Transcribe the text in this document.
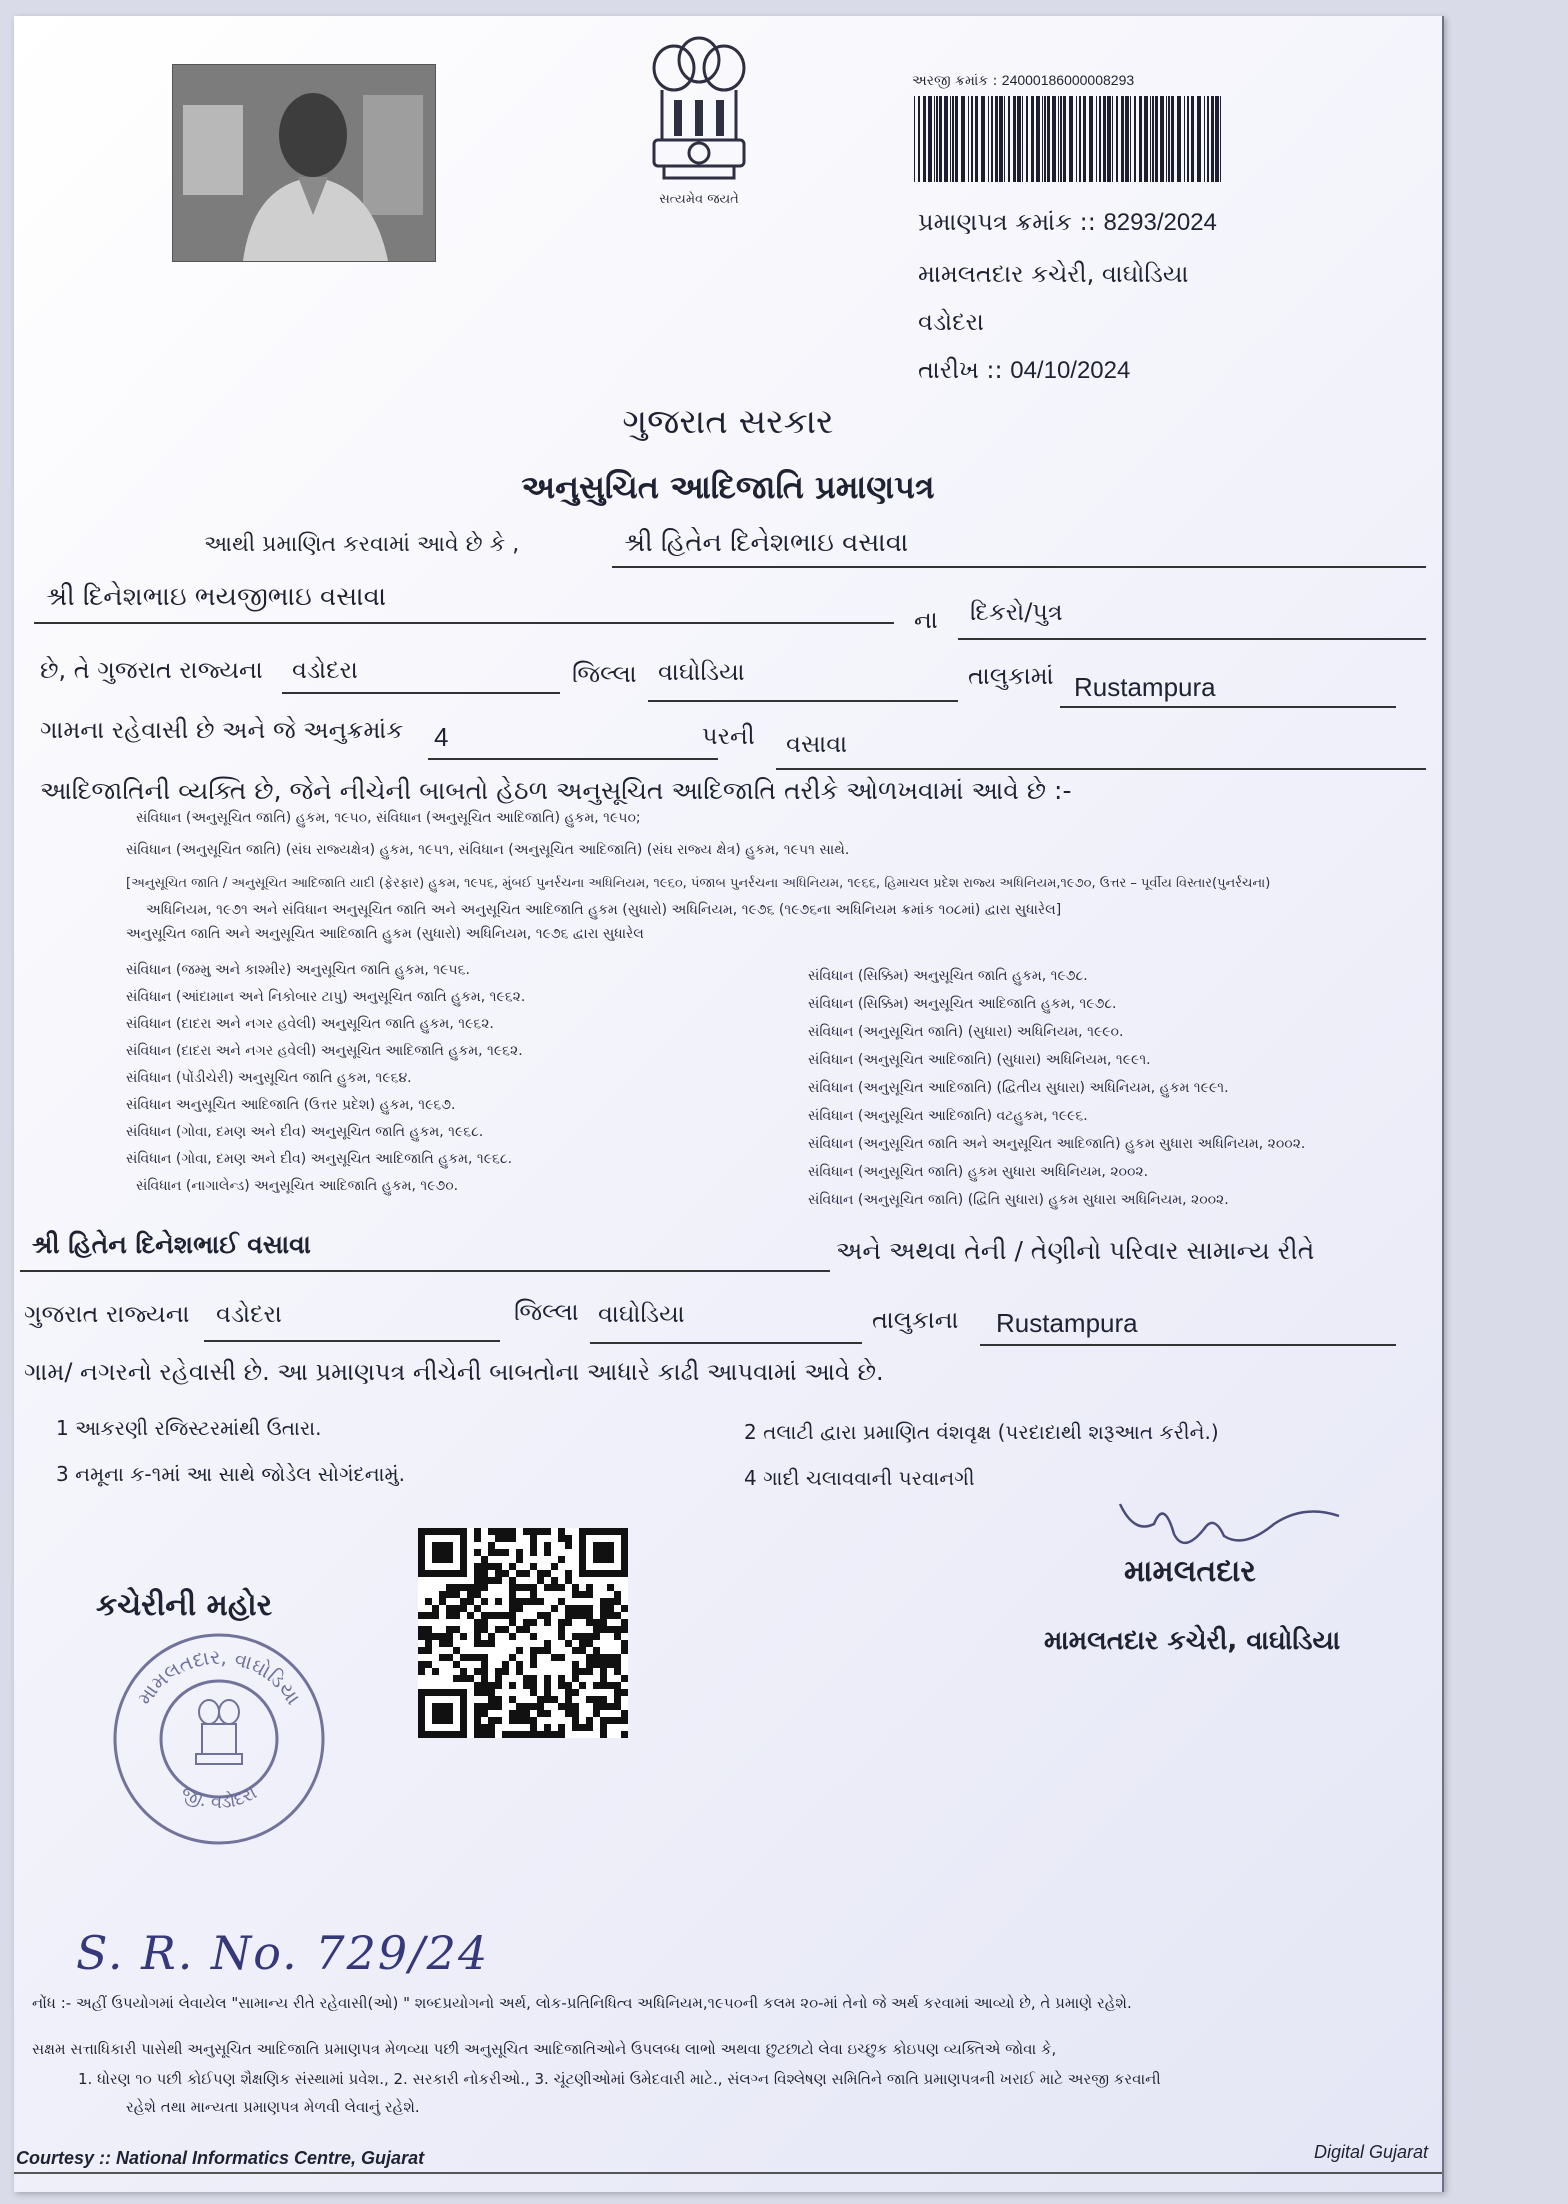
સત્યમેવ જયતે
અરજી ક્રમાંક : 24000186000008293
પ્રમાણપત્ર ક્રમાંક :: 8293/2024
મામલતદાર કચેરી, વાઘોડિયા
વડોદરા
તારીખ :: 04/10/2024
ગુજરાત સરકાર
અનુસુચિત આદિજાતિ પ્રમાણપત્ર
આથી પ્રમાણિત કરવામાં આવે છે કે ,	શ્રી હિતેન દિનેશભાઇ વસાવા
શ્રી દિનેશભાઇ ભયજીભાઇ વસાવા
ના દિકરો/પુત્ર
છે, તે ગુજરાત રાજ્યના વડોદરા	જિલ્લા વાઘોડિયા	તાલુકામાં Rustampura
ગામના રહેવાસી છે અને જે અનુક્રમાંક 4	પરની વસાવા
આદિજાતિની વ્યક્તિ છે, જેને નીચેની બાબતો હેઠળ અનુસૂચિત આદિજાતિ તરીકે ઓળખવામાં આવે છે :-
સંવિધાન (અનુસૂચિત જાતિ) હુકમ, ૧૯૫૦, સંવિધાન (અનુસૂચિત આદિજાતિ) હુકમ, ૧૯૫૦;
સંવિધાન (અનુસૂચિત જાતિ) (સંઘ રાજ્યક્ષેત્ર) હુકમ, ૧૯૫૧, સંવિધાન (અનુસૂચિત આદિજાતિ) (સંઘ રાજ્ય ક્ષેત્ર) હુકમ, ૧૯૫૧ સાથે.
[અનુસૂચિત જાતિ / અનુસૂચિત આદિજાતિ યાદી (ફેરફાર) હુકમ, ૧૯૫૬, મુંબઈ પુનર્રચના અધિનિયમ, ૧૯૬૦, પંજાબ પુનર્રચના અધિનિયમ, ૧૯૬૬, હિમાચલ પ્રદેશ રાજ્ય અધિનિયમ,૧૯૭૦, ઉત્તર – પૂર્વીય વિસ્તાર(પુનર્રચના)
અધિનિયમ, ૧૯૭૧ અને સંવિધાન અનુસૂચિત જાતિ અને અનુસૂચિત આદિજાતિ હુકમ (સુધારો) અધિનિયમ, ૧૯૭૬ (૧૯૭૬ના અધિનિયમ ક્રમાંક ૧૦૮માં) દ્વારા સુધારેલ]
અનુસૂચિત જાતિ અને અનુસૂચિત આદિજાતિ હુકમ (સુધારો) અધિનિયમ, ૧૯૭૬ દ્વારા સુધારેલ
સંવિધાન (જમ્મુ અને કાશ્મીર) અનુસૂચિત જાતિ હુકમ, ૧૯૫૬.
સંવિધાન (આંદામાન અને નિકોબાર ટાપુ) અનુસૂચિત જાતિ હુકમ, ૧૯૬૨.
સંવિધાન (દાદરા અને નગર હવેલી) અનુસૂચિત જાતિ હુકમ, ૧૯૬૨.
સંવિધાન (દાદરા અને નગર હવેલી) અનુસૂચિત આદિજાતિ હુકમ, ૧૯૬૨.
સંવિધાન (પોંડીચેરી) અનુસૂચિત જાતિ હુકમ, ૧૯૬૪.
સંવિધાન અનુસૂચિત આદિજાતિ (ઉત્તર પ્રદેશ) હુકમ, ૧૯૬૭.
સંવિધાન (ગોવા, દમણ અને દીવ) અનુસૂચિત જાતિ હુકમ, ૧૯૬૮.
સંવિધાન (ગોવા, દમણ અને દીવ) અનુસૂચિત આદિજાતિ હુકમ, ૧૯૬૮.
સંવિધાન (નાગાલેન્ડ) અનુસૂચિત આદિજાતિ હુકમ, ૧૯૭૦.
સંવિધાન (સિક્કિમ) અનુસૂચિત જાતિ હુકમ, ૧૯૭૮.
સંવિધાન (સિક્કિમ) અનુસૂચિત આદિજાતિ હુકમ, ૧૯૭૮.
સંવિધાન (અનુસૂચિત જાતિ) (સુધારા) અધિનિયમ, ૧૯૯૦.
સંવિધાન (અનુસૂચિત આદિજાતિ) (સુધારા) અધિનિયમ, ૧૯૯૧.
સંવિધાન (અનુસૂચિત આદિજાતિ) (દ્વિતીય સુધારા) અધિનિયમ, હુકમ ૧૯૯૧.
સંવિધાન (અનુસૂચિત આદિજાતિ) વટહુકમ, ૧૯૯૬.
સંવિધાન (અનુસૂચિત જાતિ અને અનુસૂચિત આદિજાતિ) હુકમ સુધારા અધિનિયમ, ૨૦૦૨.
સંવિધાન (અનુસૂચિત જાતિ) હુકમ સુધારા અધિનિયમ, ૨૦૦૨.
સંવિધાન (અનુસૂચિત જાતિ) (દ્વિતિ સુધારા) હુકમ સુધારા અધિનિયમ, ૨૦૦૨.
શ્રી હિતેન દિનેશભાઈ વસાવા	અને અથવા તેની / તેણીનો પરિવાર સામાન્ય રીતે
ગુજરાત રાજ્યના વડોદરા	જિલ્લા વાઘોડિયા	તાલુકાના Rustampura
ગામ/ નગરનો રહેવાસી છે. આ પ્રમાણપત્ર નીચેની બાબતોના આધારે કાઢી આપવામાં આવે છે.
1 આકરણી રજિસ્ટરમાંથી ઉતારા.	2 તલાટી દ્વારા પ્રમાણિત વંશવૃક્ષ (પરદાદાથી શરૂઆત કરીને.)
3 નમૂના ક-૧માં આ સાથે જોડેલ સોગંદનામું.	4 ગાદી ચલાવવાની પરવાનગી
મામલતદાર
મામલતદાર કચેરી, વાઘોડિયા
કચેરીની મહોર
મામલતદાર, વાઘોડિયા
જી. વડોદરા
S. R. No. 729/24
નોંધ :- અહીં ઉપયોગમાં લેવાયેલ "સામાન્ય રીતે રહેવાસી(ઓ) " શબ્દપ્રયોગનો અર્થ, લોક-પ્રતિનિધિત્વ અધિનિયમ,૧૯૫૦ની કલમ ૨૦-માં તેનો જે અર્થ કરવામાં આવ્યો છે, તે પ્રમાણે રહેશે.
સક્ષમ સત્તાધિકારી પાસેથી અનુસૂચિત આદિજાતિ પ્રમાણપત્ર મેળવ્યા પછી અનુસૂચિત આદિજાતિઓને ઉપલબ્ધ લાભો અથવા છુટછાટો લેવા ઇચ્છુક કોઇપણ વ્યક્તિએ જોવા કે,
1. ધોરણ ૧૦ પછી કોઈપણ શૈક્ષણિક સંસ્થામાં પ્રવેશ., 2. સરકારી નોકરીઓ., 3. ચૂંટણીઓમાં ઉમેદવારી માટે., સંલગ્ન વિશ્લેષણ સમિતિને જાતિ પ્રમાણપત્રની ખરાઈ માટે અરજી કરવાની
રહેશે તથા માન્યતા પ્રમાણપત્ર મેળવી લેવાનું રહેશે.
Courtesy :: National Informatics Centre, Gujarat	Digital Gujarat
